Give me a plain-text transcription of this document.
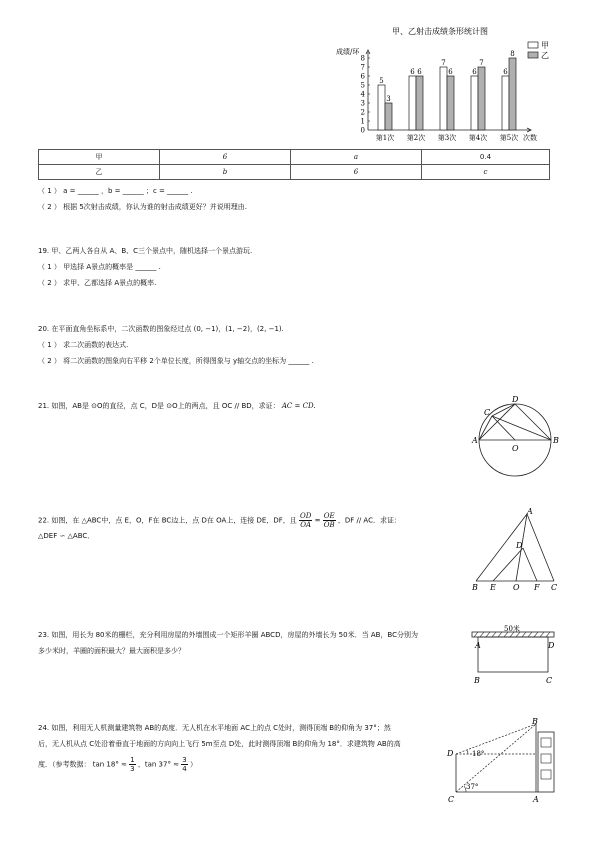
甲、乙射击成绩条形统计图
成绩/环
次数
0
1
2
3
4
5
6
7
8
5
3
第1次
6 6
第2次
7
6
第3次
6
7
第4次
6
8
第5次
甲
乙
甲	6	a	0.4
乙	b	6	c
（ 1 ） a = ______ ，b = ______ ；c = ______ .
（ 2 ） 根据 5次射击成绩，你认为谁的射击成绩更好？并说明理由.
19. 甲、乙两人各自从 A、B、C三个景点中，随机选择一个景点游玩.
（ 1 ） 甲选择 A景点的概率是 ______ .
（ 2 ） 求甲、乙都选择 A景点的概率.
20. 在平面直角坐标系中，二次函数的图象经过点 (0, −1)，(1, −2)，(2, −1).
（ 1 ） 求二次函数的表达式.
（ 2 ） 将二次函数的图象向右平移 2个单位长度，所得图象与 y轴交点的坐标为 ______ .
21. 如图，AB是 ⊙O的直径，点 C，D是 ⊙O上的两点，且 OC // BD，求证： AC = CD.
A	B
C
D
O
22. 如图，在 △ABC中，点 E，O，F在 BC边上，点 D在 OA上，连接 DE，DF，且 $\frac{OD}{OA} = \frac{OE}{OB}$ ，DF // AC．求证：
△DEF ∽ △ABC．
A
B E O F C
D
23. 如图，用长为 80米的栅栏，充分利用房屋的外墙围成一个矩形羊圈 ABCD，房屋的外墙长为 50米．当 AB，BC分别为
多少米时，羊圈的面积最大？最大面积是多少？
50米
A	D
B	C
24. 如图，利用无人机测量建筑物 AB的高度．无人机在水平地面 AC上的点 C处时，测得顶端 B的仰角为 37°；然
后，无人机从点 C处沿着垂直于地面的方向向上飞行 5m至点 D处，此时测得顶端 B的仰角为 18°．求建筑物 AB的高
度．（参考数据： $\tan 18^\circ \approx \frac{1}{3}$ ，$\tan 37^\circ \approx \frac{3}{4}$ ）
18°
37°
B
D
C	A
